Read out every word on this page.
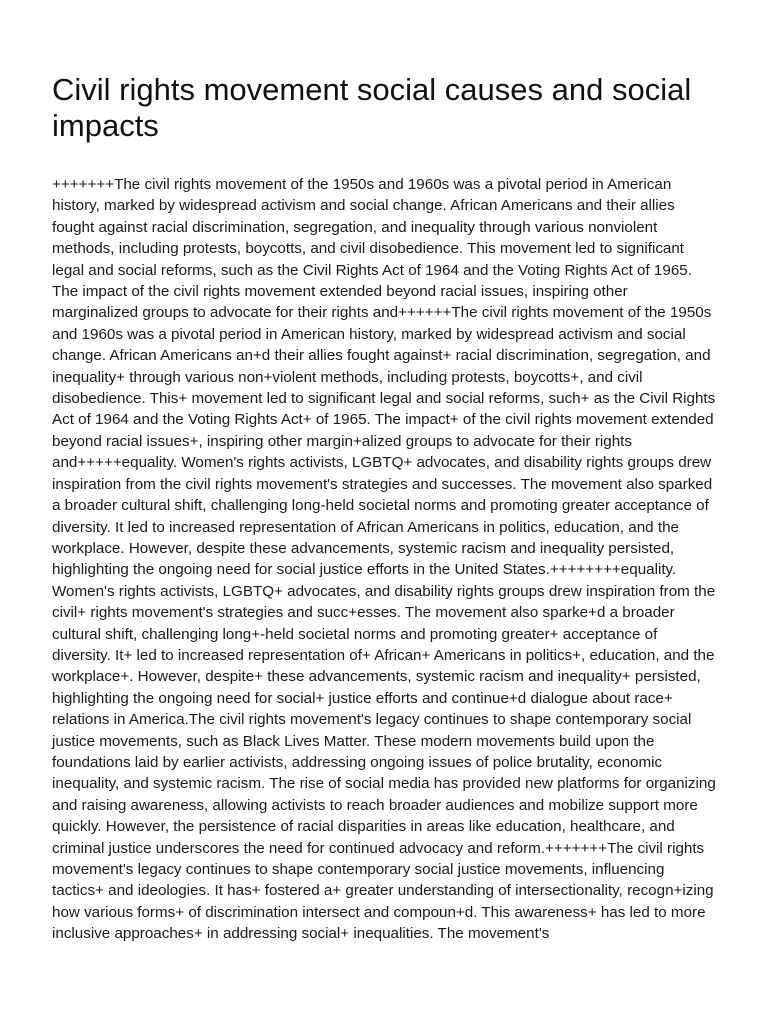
Civil rights movement social causes and social impacts

+++++++The civil rights movement of the 1950s and 1960s was a pivotal period in American history, marked by widespread activism and social change. African Americans and their allies fought against racial discrimination, segregation, and inequality through various nonviolent methods, including protests, boycotts, and civil disobedience. This movement led to significant legal and social reforms, such as the Civil Rights Act of 1964 and the Voting Rights Act of 1965. The impact of the civil rights movement extended beyond racial issues, inspiring other marginalized groups to advocate for their rights and++++++The civil rights movement of the 1950s and 1960s was a pivotal period in American history, marked by widespread activism and social change. African Americans an+d their allies fought against+ racial discrimination, segregation, and inequality+ through various non+violent methods, including protests, boycotts+, and civil disobedience. This+ movement led to significant legal and social reforms, such+ as the Civil Rights Act of 1964 and the Voting Rights Act+ of 1965. The impact+ of the civil rights movement extended beyond racial issues+, inspiring other margin+alized groups to advocate for their rights and+++++equality. Women's rights activists, LGBTQ+ advocates, and disability rights groups drew inspiration from the civil rights movement's strategies and successes. The movement also sparked a broader cultural shift, challenging long-held societal norms and promoting greater acceptance of diversity. It led to increased representation of African Americans in politics, education, and the workplace. However, despite these advancements, systemic racism and inequality persisted, highlighting the ongoing need for social justice efforts in the United States.++++++++equality. Women's rights activists, LGBTQ+ advocates, and disability rights groups drew inspiration from the civil+ rights movement's strategies and succ+esses. The movement also sparke+d a broader cultural shift, challenging long+-held societal norms and promoting greater+ acceptance of diversity. It+ led to increased representation of+ African+ Americans in politics+, education, and the workplace+. However, despite+ these advancements, systemic racism and inequality+ persisted, highlighting the ongoing need for social+ justice efforts and continue+d dialogue about race+ relations in America.The civil rights movement's legacy continues to shape contemporary social justice movements, such as Black Lives Matter. These modern movements build upon the foundations laid by earlier activists, addressing ongoing issues of police brutality, economic inequality, and systemic racism. The rise of social media has provided new platforms for organizing and raising awareness, allowing activists to reach broader audiences and mobilize support more quickly. However, the persistence of racial disparities in areas like education, healthcare, and criminal justice underscores the need for continued advocacy and reform.+++++++The civil rights movement's legacy continues to shape contemporary social justice movements, influencing tactics+ and ideologies. It has+ fostered a+ greater understanding of intersectionality, recogn+izing how various forms+ of discrimination intersect and compoun+d. This awareness+ has led to more inclusive approaches+ in addressing social+ inequalities. The movement's
